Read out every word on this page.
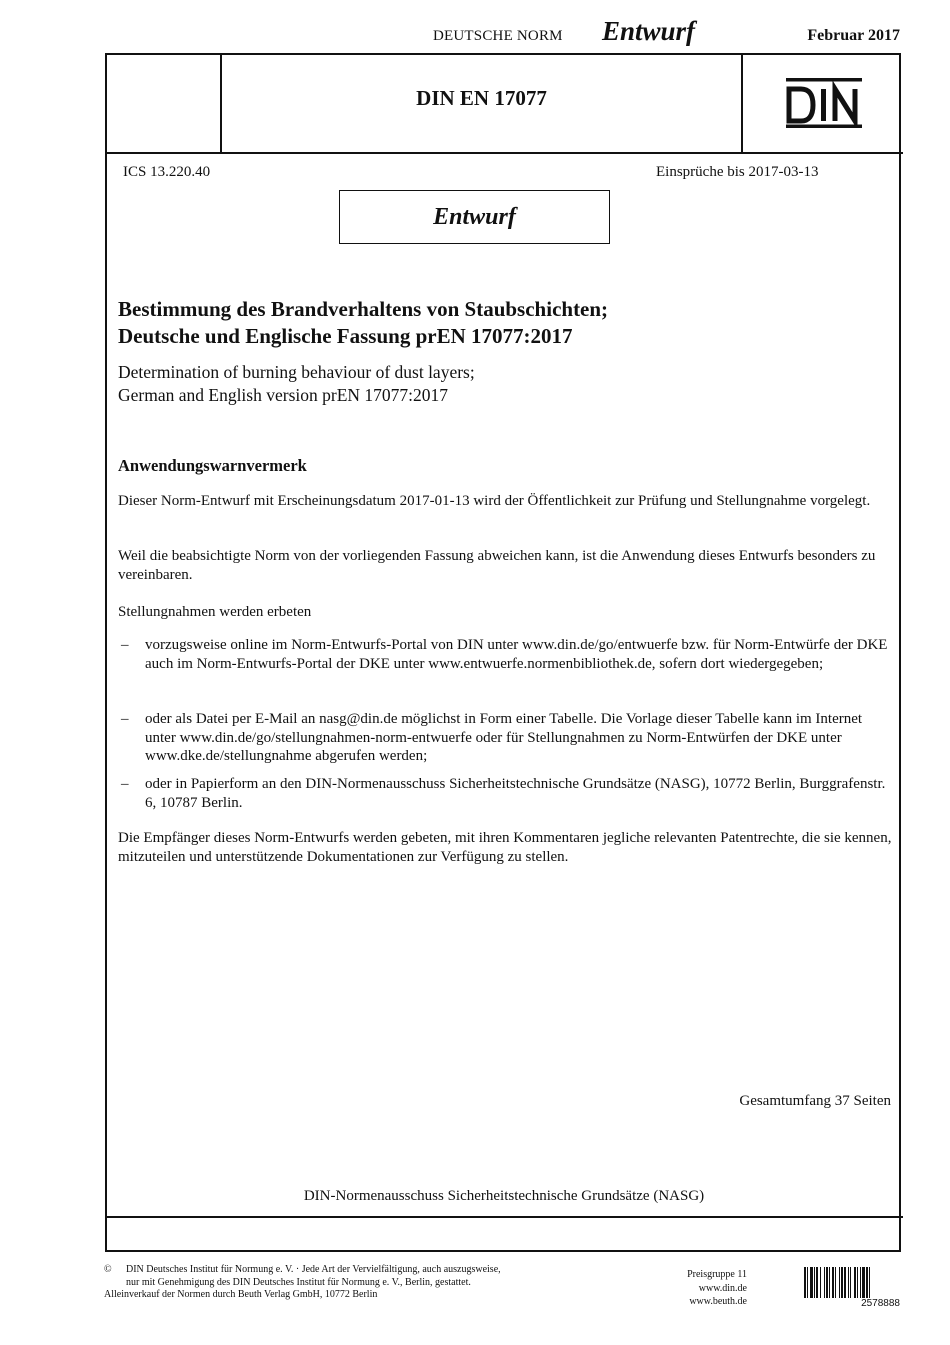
DEUTSCHE NORM Entwurf	Februar 2017
DIN EN 17077
ICS 13.220.40	Einsprüche bis 2017-03-13
Entwurf
Bestimmung des Brandverhaltens von Staubschichten;
Deutsche und Englische Fassung prEN 17077:2017
Determination of burning behaviour of dust layers;
German and English version prEN 17077:2017
Anwendungswarnvermerk
Dieser Norm-Entwurf mit Erscheinungsdatum 2017-01-13 wird der Öffentlichkeit zur Prüfung und Stellungnahme vorgelegt.
Weil die beabsichtigte Norm von der vorliegenden Fassung abweichen kann, ist die Anwendung dieses Entwurfs besonders zu vereinbaren.
Stellungnahmen werden erbeten
– vorzugsweise online im Norm-Entwurfs-Portal von DIN unter www.din.de/go/entwuerfe bzw. für Norm-Entwürfe der DKE auch im Norm-Entwurfs-Portal der DKE unter www.entwuerfe.normenbibliothek.de, sofern dort wiedergegeben;
– oder als Datei per E-Mail an nasg@din.de möglichst in Form einer Tabelle. Die Vorlage dieser Tabelle kann im Internet unter www.din.de/go/stellungnahmen-norm-entwuerfe oder für Stellungnahmen zu Norm-Entwürfen der DKE unter www.dke.de/stellungnahme abgerufen werden;
– oder in Papierform an den DIN-Normenausschuss Sicherheitstechnische Grundsätze (NASG), 10772 Berlin, Burggrafenstr. 6, 10787 Berlin.
Die Empfänger dieses Norm-Entwurfs werden gebeten, mit ihren Kommentaren jegliche relevanten Patentrechte, die sie kennen, mitzuteilen und unterstützende Dokumentationen zur Verfügung zu stellen.
Gesamtumfang 37 Seiten
DIN-Normenausschuss Sicherheitstechnische Grundsätze (NASG)
© DIN Deutsches Institut für Normung e. V. · Jede Art der Vervielfältigung, auch auszugsweise,
nur mit Genehmigung des DIN Deutsches Institut für Normung e. V., Berlin, gestattet.
Alleinverkauf der Normen durch Beuth Verlag GmbH, 10772 Berlin
Preisgruppe 11
www.din.de
www.beuth.de	2578888
